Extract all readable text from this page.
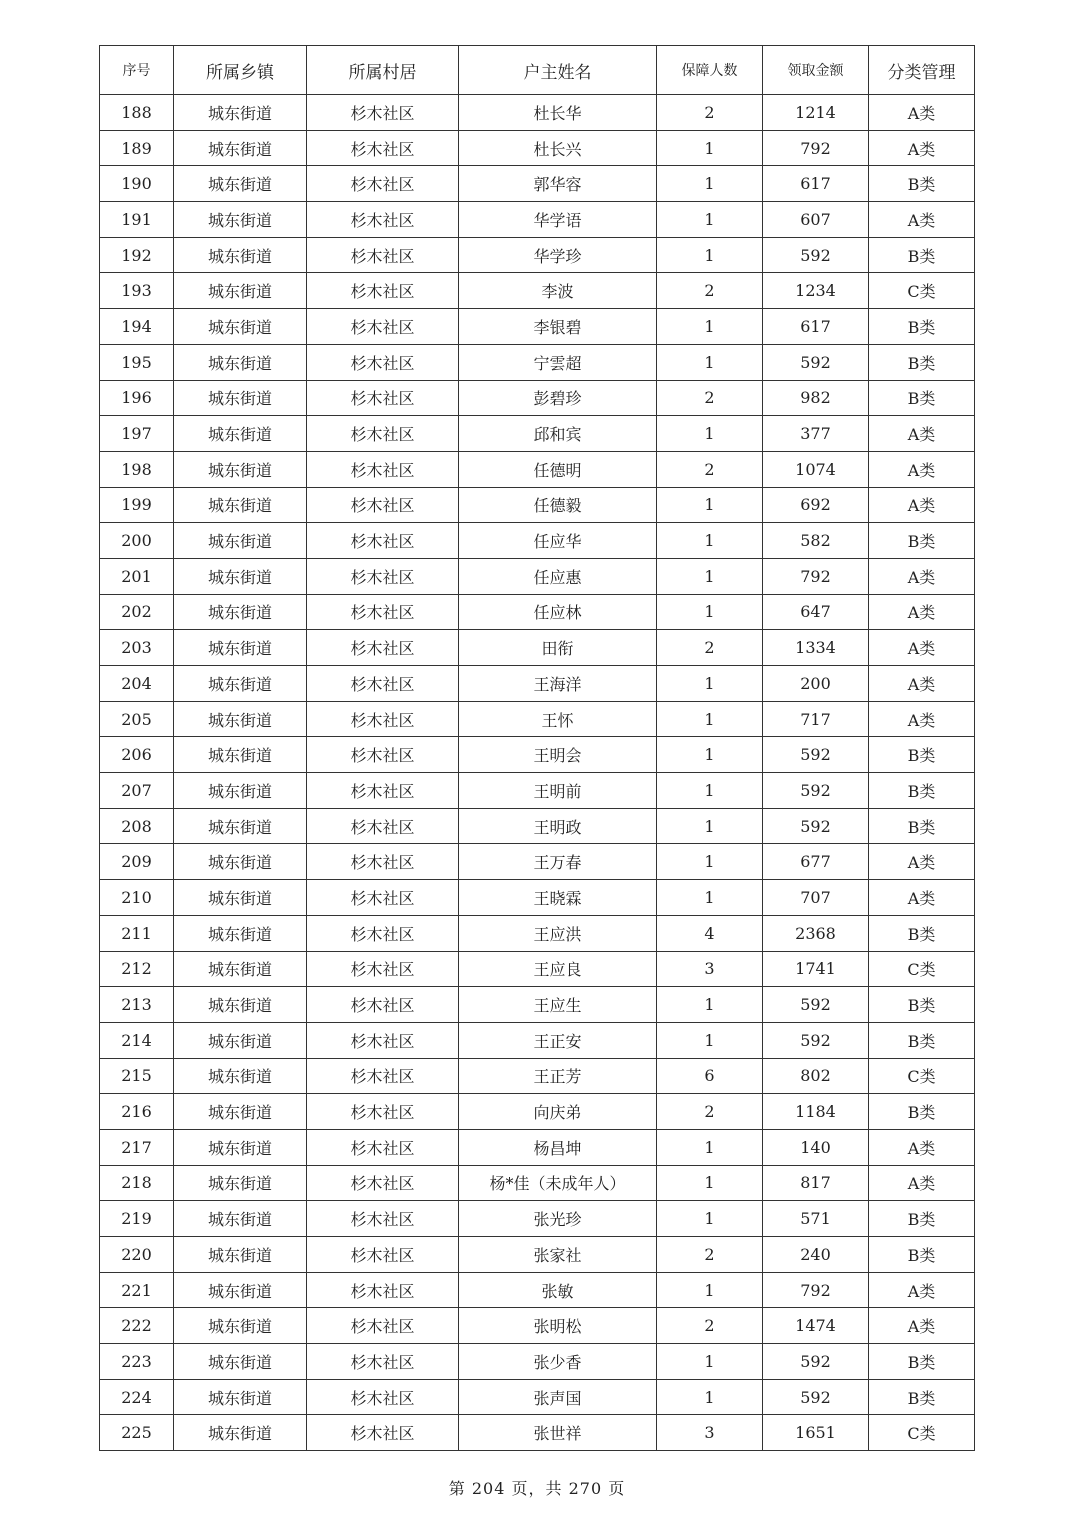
序号	所属乡镇	所属村居	户主姓名	保障人数	领取金额	分类管理
188	城东街道	杉木社区	杜长华	2	1214	A类
189	城东街道	杉木社区	杜长兴	1	792	A类
190	城东街道	杉木社区	郭华容	1	617	B类
191	城东街道	杉木社区	华学语	1	607	A类
192	城东街道	杉木社区	华学珍	1	592	B类
193	城东街道	杉木社区	李波	2	1234	C类
194	城东街道	杉木社区	李银碧	1	617	B类
195	城东街道	杉木社区	宁雲超	1	592	B类
196	城东街道	杉木社区	彭碧珍	2	982	B类
197	城东街道	杉木社区	邱和宾	1	377	A类
198	城东街道	杉木社区	任德明	2	1074	A类
199	城东街道	杉木社区	任德毅	1	692	A类
200	城东街道	杉木社区	任应华	1	582	B类
201	城东街道	杉木社区	任应惠	1	792	A类
202	城东街道	杉木社区	任应林	1	647	A类
203	城东街道	杉木社区	田衔	2	1334	A类
204	城东街道	杉木社区	王海洋	1	200	A类
205	城东街道	杉木社区	王怀	1	717	A类
206	城东街道	杉木社区	王明会	1	592	B类
207	城东街道	杉木社区	王明前	1	592	B类
208	城东街道	杉木社区	王明政	1	592	B类
209	城东街道	杉木社区	王万春	1	677	A类
210	城东街道	杉木社区	王晓霖	1	707	A类
211	城东街道	杉木社区	王应洪	4	2368	B类
212	城东街道	杉木社区	王应良	3	1741	C类
213	城东街道	杉木社区	王应生	1	592	B类
214	城东街道	杉木社区	王正安	1	592	B类
215	城东街道	杉木社区	王正芳	6	802	C类
216	城东街道	杉木社区	向庆弟	2	1184	B类
217	城东街道	杉木社区	杨昌坤	1	140	A类
218	城东街道	杉木社区	杨*佳（未成年人）	1	817	A类
219	城东街道	杉木社区	张光珍	1	571	B类
220	城东街道	杉木社区	张家社	2	240	B类
221	城东街道	杉木社区	张敏	1	792	A类
222	城东街道	杉木社区	张明松	2	1474	A类
223	城东街道	杉木社区	张少香	1	592	B类
224	城东街道	杉木社区	张声国	1	592	B类
225	城东街道	杉木社区	张世祥	3	1651	C类
第 204 页，共 270 页
